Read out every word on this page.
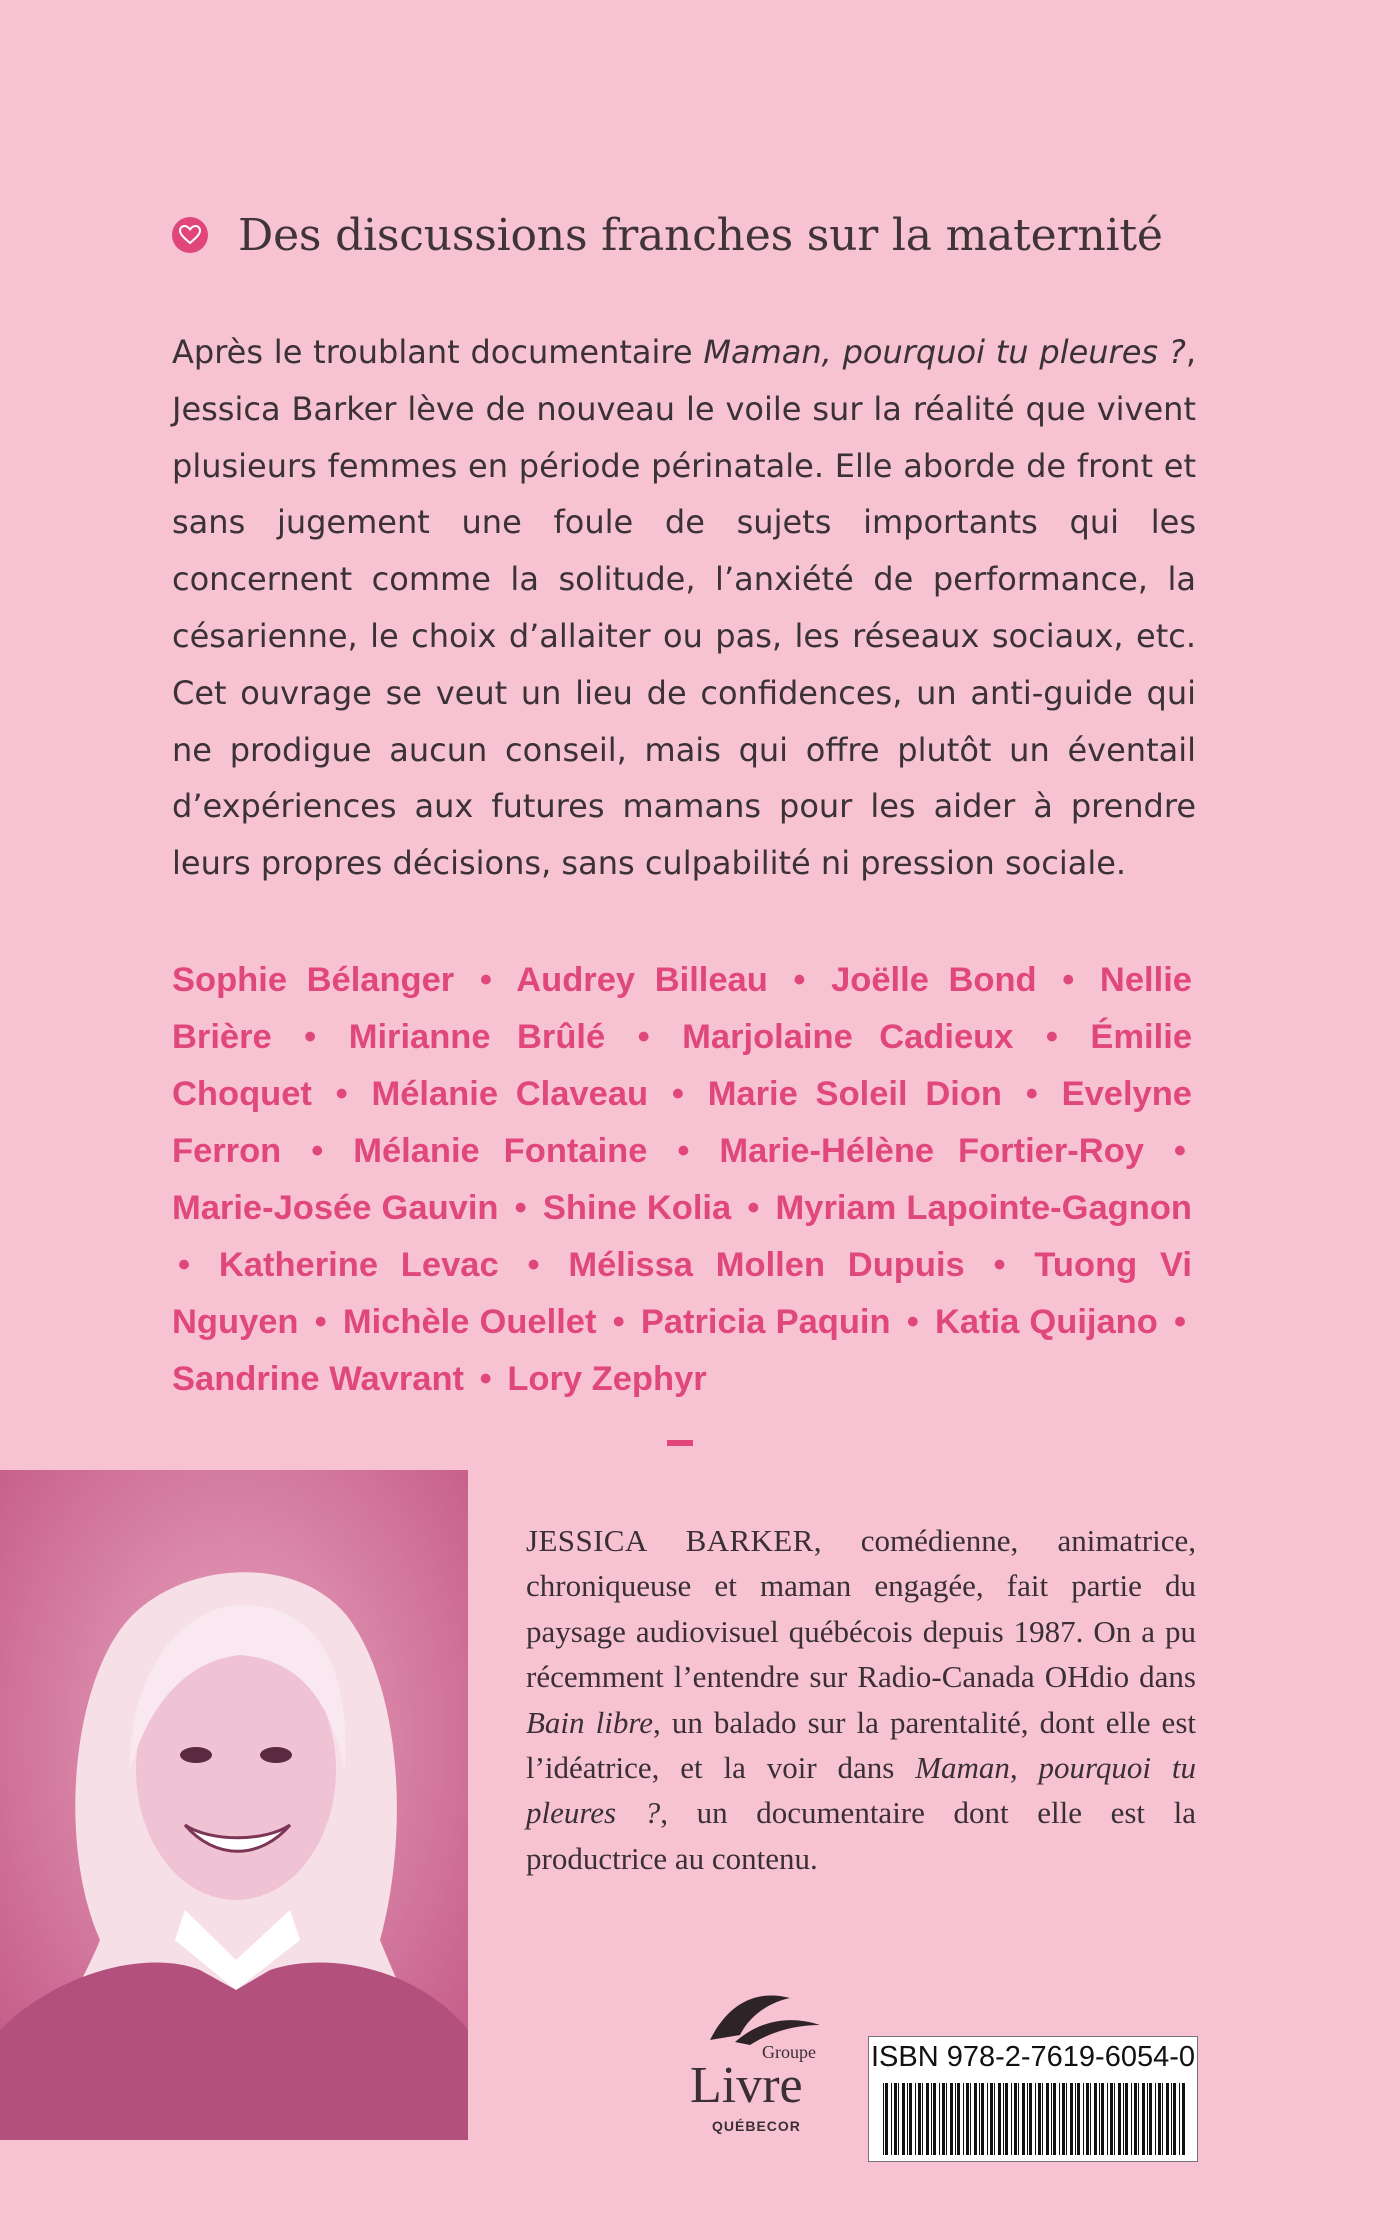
Des discussions franches sur la maternité

Après le troublant documentaire Maman, pourquoi tu pleures ?, Jessica Barker lève de nouveau le voile sur la réalité que vivent plusieurs femmes en période périnatale. Elle aborde de front et sans jugement une foule de sujets importants qui les concernent comme la solitude, l’anxiété de performance, la césarienne, le choix d’allaiter ou pas, les réseaux sociaux, etc. Cet ouvrage se veut un lieu de confidences, un anti-guide qui ne prodigue aucun conseil, mais qui offre plutôt un éventail d’expériences aux futures mamans pour les aider à prendre leurs propres décisions, sans culpabilité ni pression sociale.

Sophie Bélanger • Audrey Billeau • Joëlle Bond • Nellie Brière • Mirianne Brûlé • Marjolaine Cadieux • Émilie Choquet • Mélanie Claveau • Marie Soleil Dion • Evelyne Ferron • Mélanie Fontaine • Marie-Hélène Fortier-Roy • Marie-Josée Gauvin • Shine Kolia • Myriam Lapointe-Gagnon • Katherine Levac • Mélissa Mollen Dupuis • Tuong Vi Nguyen • Michèle Ouellet • Patricia Paquin • Katia Quijano • Sandrine Wavrant • Lory Zephyr
JESSICA BARKER, comédienne, animatrice, chroniqueuse et maman engagée, fait partie du paysage audiovisuel québécois depuis 1987. On a pu récemment l’entendre sur Radio-Canada OHdio dans Bain libre, un balado sur la parentalité, dont elle est l’idéatrice, et la voir dans Maman, pourquoi tu pleures ?, un documentaire dont elle est la productrice au contenu.
Groupe
Livre
QUÉBECOR
ISBN 978-2-7619-6054-0
